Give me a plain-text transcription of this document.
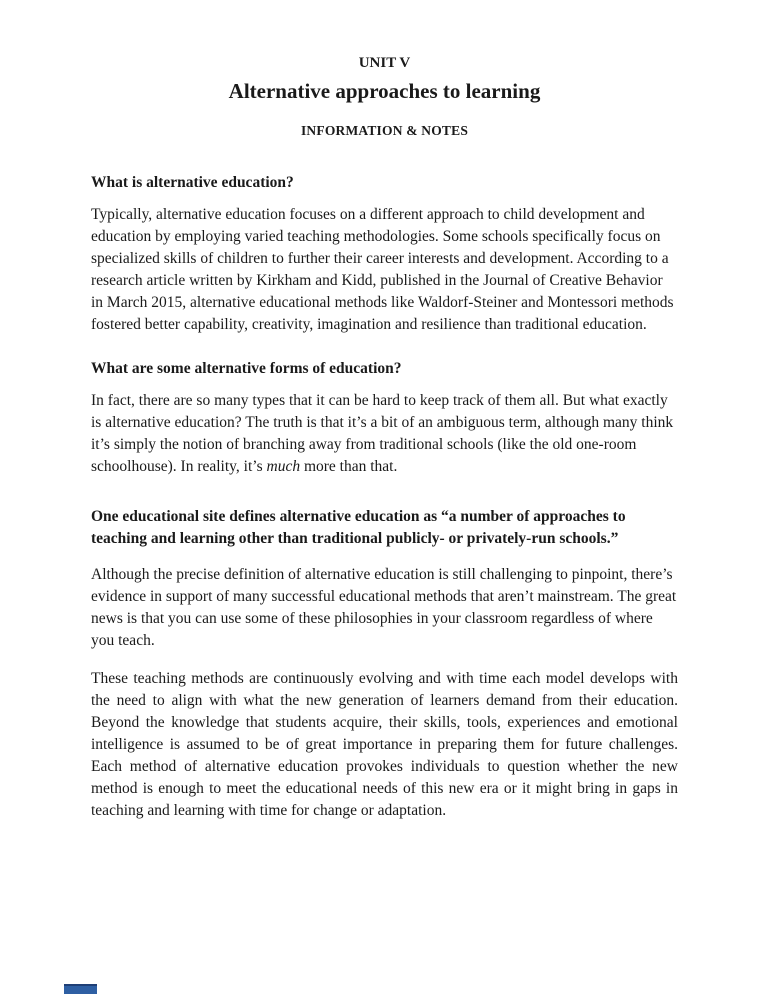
UNIT V
Alternative approaches to learning
INFORMATION & NOTES
What is alternative education?

Typically, alternative education focuses on a different approach to child development and education by employing varied teaching methodologies. Some schools specifically focus on specialized skills of children to further their career interests and development. According to a research article written by Kirkham and Kidd, published in the Journal of Creative Behavior in March 2015, alternative educational methods like Waldorf-Steiner and Montessori methods fostered better capability, creativity, imagination and resilience than traditional education.

What are some alternative forms of education?

In fact, there are so many types that it can be hard to keep track of them all. But what exactly is alternative education? The truth is that it’s a bit of an ambiguous term, although many think it’s simply the notion of branching away from traditional schools (like the old one-room schoolhouse). In reality, it’s much more than that.

One educational site defines alternative education as “a number of approaches to teaching and learning other than traditional publicly- or privately-run schools.”

Although the precise definition of alternative education is still challenging to pinpoint, there’s evidence in support of many successful educational methods that aren’t mainstream. The great news is that you can use some of these philosophies in your classroom regardless of where you teach.

These teaching methods are continuously evolving and with time each model develops with the need to align with what the new generation of learners demand from their education. Beyond the knowledge that students acquire, their skills, tools, experiences and emotional intelligence is assumed to be of great importance in preparing them for future challenges. Each method of alternative education provokes individuals to question whether the new method is enough to meet the educational needs of this new era or it might bring in gaps in teaching and learning with time for change or adaptation.
